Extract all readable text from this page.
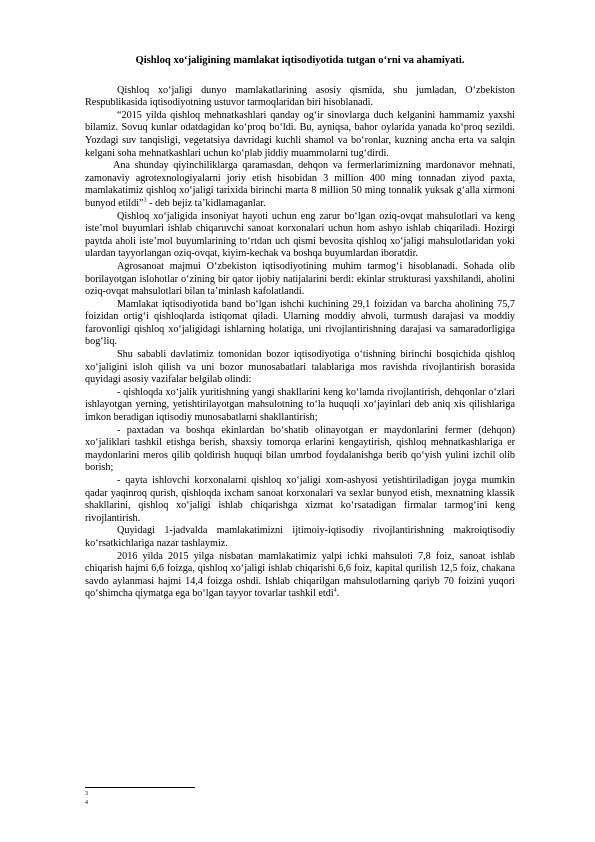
Qishloq xo‘jaligining mamlakat iqtisodiyotida tutgan o‘rni va ahamiyati.

Qishloq xo‘jaligi dunyo mamlakatlarining asosiy qismida, shu jumladan, O‘zbekiston Respublikasida iqtisodiyotning ustuvor tarmoqlaridan biri hisoblanadi.

“2015 yilda qishloq mehnatkashlari qanday og‘ir sinovlarga duch kelganini hammamiz yaxshi bilamiz. Sovuq kunlar odatdagidan ko‘proq bo‘ldi. Bu, ayniqsa, bahor oylarida yanada ko‘proq sezildi. Yozdagi suv tanqisligi, vegetatsiya davridagi kuchli shamol va bo‘ronlar, kuzning ancha erta va salqin kelgani soha mehnatkashlari uchun ko‘plab jiddiy muammolarni tug‘dirdi.

Ana shunday qiyinchiliklarga qaramasdan, dehqon va fermerlarimizning mardonavor mehnati, zamonaviy agrotexnologiyalarni joriy etish hisobidan 3 million 400 ming tonnadan ziyod paxta, mamlakatimiz qishloq xo‘jaligi tarixida birinchi marta 8 million 50 ming tonnalik yuksak g‘alla xirmoni bunyod etildi”$^3$ - deb bejiz ta’kidlamaganlar.

Qishloq xo‘jaligida insoniyat hayoti uchun eng zarur bo‘lgan oziq-ovqat mahsulotlari va keng iste’mol buyumlari ishlab chiqaruvchi sanoat korxonalari uchun hom ashyo ishlab chiqariladi. Hozirgi paytda aholi iste’mol buyumlarining to‘rtdan uch qismi bevosita qishloq xo‘jaligi mahsulotlaridan yoki ulardan tayyorlangan oziq-ovqat, kiyim-kechak va boshqa buyumlardan iboratdir.

Agrosanoat majmui O‘zbekiston iqtisodiyotining muhim tarmog‘i hisoblanadi. Sohada olib borilayotgan islohotlar o‘zining bir qator ijobiy natijalarini berdi: ekinlar strukturasi yaxshilandi, aholini oziq-ovqat mahsulotlari bilan ta’minlash kafolatlandi.

Mamlakat iqtisodiyotida band bo‘lgan ishchi kuchining 29,1 foizidan va barcha aholining 75,7 foizidan ortig‘i qishloqlarda istiqomat qiladi. Ularning moddiy ahvoli, turmush darajasi va moddiy farovonligi qishloq xo‘jaligidagi ishlarning holatiga, uni rivojlantirishning darajasi va samaradorligiga bog‘liq.

Shu sababli davlatimiz tomonidan bozor iqtisodiyotiga o‘tishning birinchi bosqichida qishloq xo‘jaligini isloh qilish va uni bozor munosabatlari talablariga mos ravishda rivojlantirish borasida quyidagi asosiy vazifalar belgilab olindi:

- qishloqda xo‘jalik yuritishning yangi shakllarini keng ko‘lamda rivojlantirish, dehqonlar o‘zlari ishlayotgan yerning, yetishtirilayotgan mahsulotning to‘la huquqli xo‘jayinlari deb aniq xis qilishlariga imkon beradigan iqtisodiy munosabatlarni shakllantirish;

- paxtadan va boshqa ekinlardan bo‘shatib olinayotgan er maydonlarini fermer (dehqon) xo‘jaliklari tashkil etishga berish, shaxsiy tomorqa erlarini kengaytirish, qishloq mehnatkashlariga er maydonlarini meros qilib qoldirish huquqi bilan umrbod foydalanishga berib qo‘yish yulini izchil olib borish;

- qayta ishlovchi korxonalarni qishloq xo‘jaligi xom-ashyosi yetishtiriladigan joyga mumkin qadar yaqinroq qurish, qishloqda ixcham sanoat korxonalari va sexlar bunyod etish, mexnatning klassik shakllarini, qishloq xo‘jaligi ishlab chiqarishga xizmat ko‘rsatadigan firmalar tarmog‘ini keng rivojlantirish.

Quyidagi 1-jadvalda mamlakatimizni ijtimoiy-iqtisodiy rivojlantirishning makroiqtisodiy ko‘rsatkichlariga nazar tashlaymiz.

2016 yilda 2015 yilga nisbatan mamlakatimiz yalpi ichki mahsuloti 7,8 foiz, sanoat ishlab chiqarish hajmi 6,6 foizga, qishloq xo‘jaligi ishlab chiqarishi 6,6 foiz, kapital qurilish 12,5 foiz, chakana savdo aylanmasi hajmi 14,4 foizga oshdi. Ishlab chiqarilgan mahsulotlarning qariyb 70 foizini yuqori qo‘shimcha qiymatga ega bo‘lgan tayyor tovarlar tashkil etdi$^4$.

3
4
